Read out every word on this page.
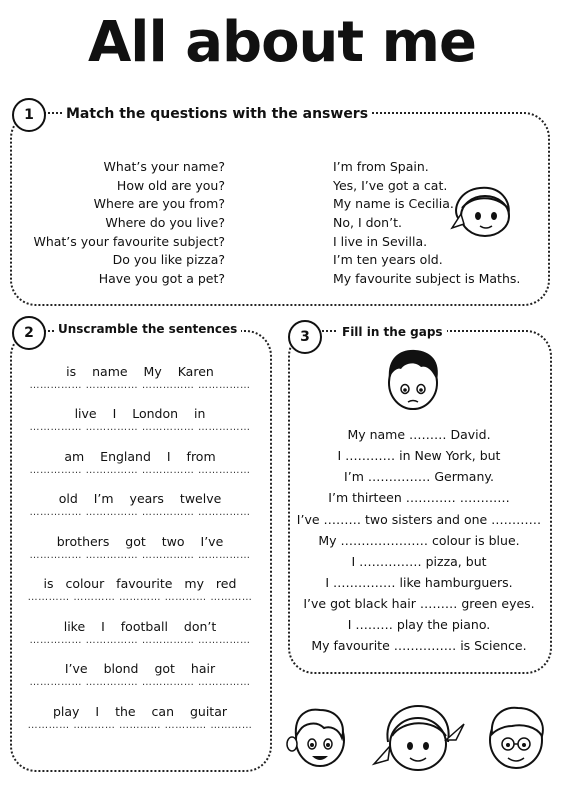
All about me
1	Match the questions with the answers
What’s your name?
How old are you?
Where are you from?
Where do you live?
What’s your favourite subject?
Do you like pizza?
Have you got a pet?
I’m from Spain.
Yes, I’ve got a cat.
My name is Cecilia.
No, I don’t.
I live in Sevilla.
I’m ten years old.
My favourite subject is Maths.
2	Unscramble the sentences
is name My Karen
…………… …………… …………… ……………
live I London in
…………… …………… …………… ……………
am England I from
…………… …………… …………… ……………
old I’m years twelve
…………… …………… …………… ……………
brothers got two I’ve
…………… …………… …………… ……………
is colour favourite my red
………… ………… ………… ………… …………
like I football don’t
…………… …………… …………… ……………
I’ve blond got hair
…………… …………… …………… ……………
play I the can guitar
………… ………… ………… ………… …………
3	Fill in the gaps
My name ……… David.
I ………… in New York, but
I’m …………… Germany.
I’m thirteen ………… …………
I’ve ……… two sisters and one …………
My ………………… colour is blue.
I …………… pizza, but
I …………… like hamburguers.
I’ve got black hair ……… green eyes.
I ……… play the piano.
My favourite …………… is Science.
